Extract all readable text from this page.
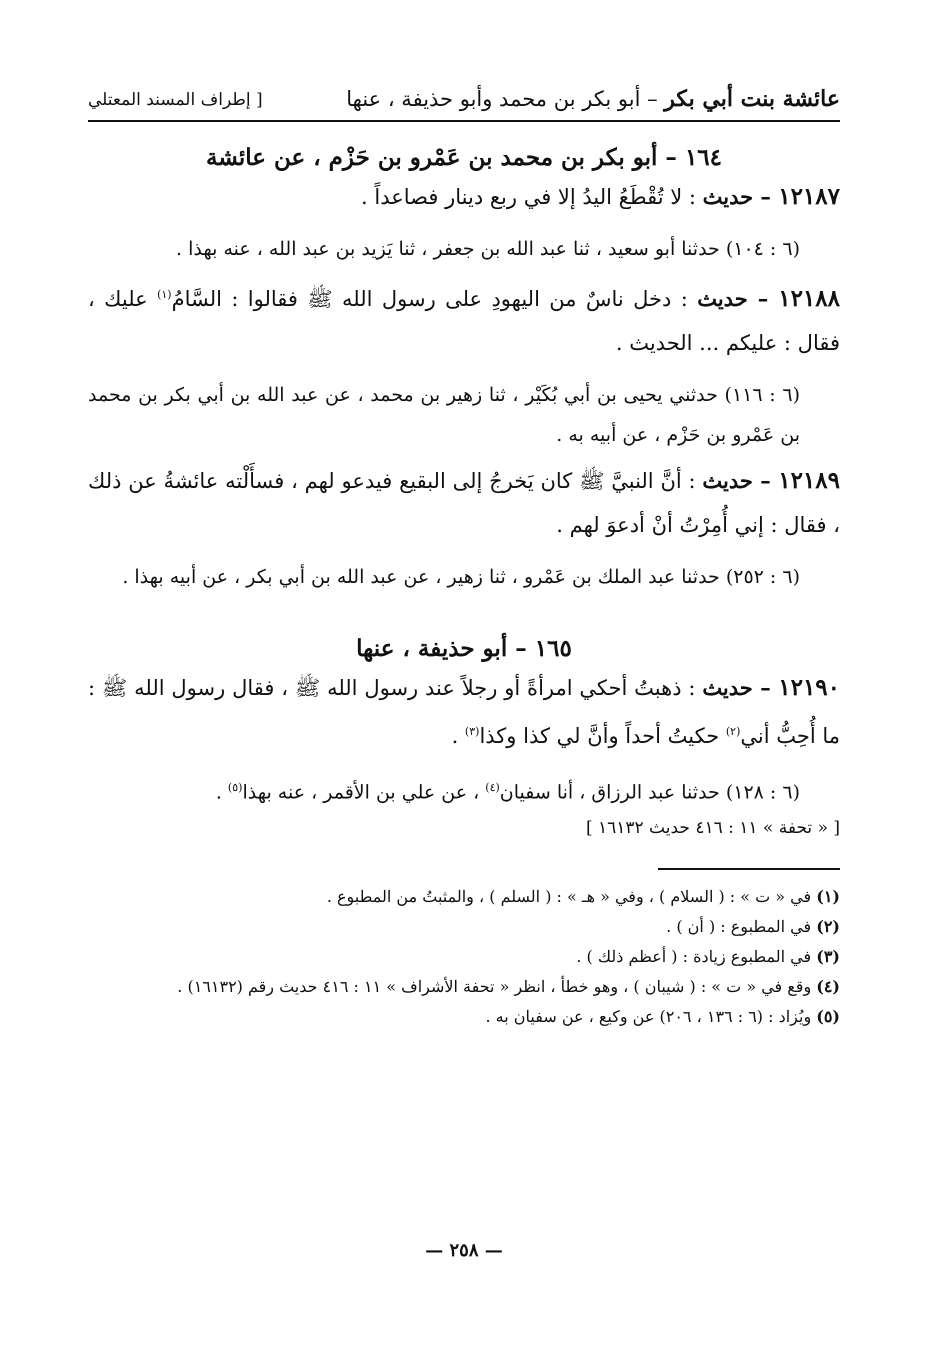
عائشة بنت أبي بكر – أبو بكر بن محمد وأبو حذيفة ، عنها
[ إطراف المسند المعتلي
١٦٤ – أبو بكر بن محمد بن عَمْرو بن حَزْم ، عن عائشة
١٢١٨٧ – حديث : لا تُقْطَعُ اليدُ إلا في ربع دينار فصاعداً .
(٦ : ١٠٤) حدثنا أبو سعيد ، ثنا عبد الله بن جعفر ، ثنا يَزيد بن عبد الله ، عنه بهذا .
١٢١٨٨ – حديث : دخل ناسٌ من اليهودِ على رسول الله ﷺ فقالوا : السَّامُ$^{(١)}$ عليك ، فقال : عليكم ... الحديث .
(٦ : ١١٦) حدثني يحيى بن أبي بُكَيْر ، ثنا زهير بن محمد ، عن عبد الله بن أبي بكر بن محمد بن عَمْرو بن حَزْم ، عن أبيه به .
١٢١٨٩ – حديث : أنَّ النبيَّ ﷺ كان يَخرجُ إلى البقيع فيدعو لهم ، فسأَلْته عائشةُ عن ذلك ، فقال : إني أُمِرْتُ أنْ أدعوَ لهم .
(٦ : ٢٥٢) حدثنا عبد الملك بن عَمْرو ، ثنا زهير ، عن عبد الله بن أبي بكر ، عن أبيه بهذا .
١٦٥ – أبو حذيفة ، عنها
١٢١٩٠ – حديث : ذهبتُ أحكي امرأةً أو رجلاً عند رسول الله ﷺ ، فقال رسول الله ﷺ : ما أُحِبُّ أني$^{(٢)}$ حكيتُ أحداً وأنَّ لي كذا وكذا$^{(٣)}$ .
(٦ : ١٢٨) حدثنا عبد الرزاق ، أنا سفيان$^{(٤)}$ ، عن علي بن الأقمر ، عنه بهذا$^{(٥)}$ .
[ « تحفة » ١١ : ٤١٦ حديث ١٦١٣٢ ]
(١) في « ت » : ( السلام ) ، وفي « هـ » : ( السلم ) ، والمثبتُ من المطبوع .
(٢) في المطبوع : ( أن ) .
(٣) في المطبوع زيادة : ( أعظم ذلك ) .
(٤) وقع في « ت » : ( شيبان ) ، وهو خطأ ، انظر « تحفة الأشراف » ١١ : ٤١٦ حديث رقم (١٦١٣٢) .
(٥) ويُزاد : (٦ : ١٣٦ ، ٢٠٦) عن وكيع ، عن سفيان به .
— ٢٥٨ —
